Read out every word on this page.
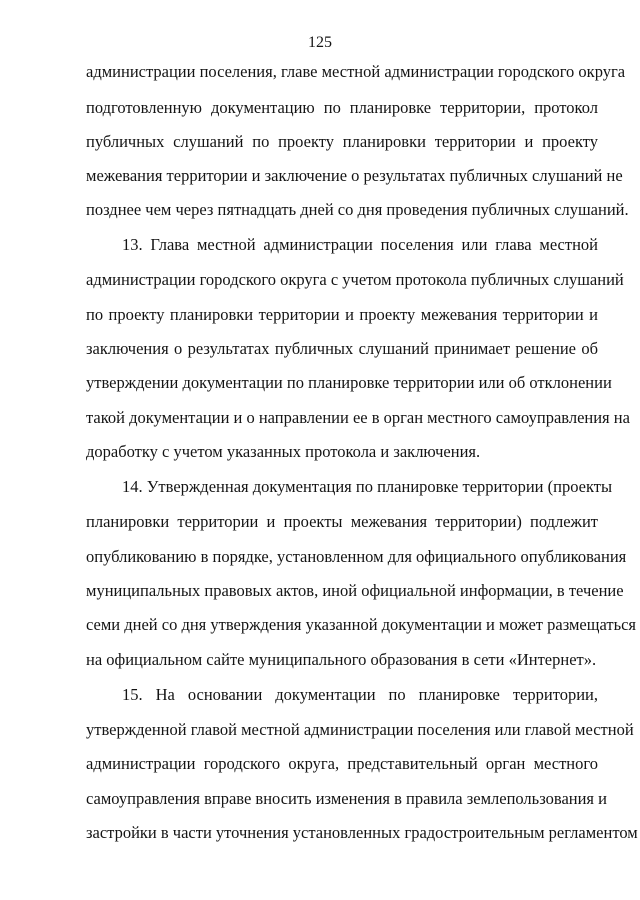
125
администрации поселения, главе местной администрации городского округа
подготовленную документацию по планировке территории, протокол
публичных слушаний по проекту планировки территории и проекту
межевания территории и заключение о результатах публичных слушаний не
позднее чем через пятнадцать дней со дня проведения публичных слушаний.
13. Глава местной администрации поселения или глава местной
администрации городского округа с учетом протокола публичных слушаний
по проекту планировки территории и проекту межевания территории и
заключения о результатах публичных слушаний принимает решение об
утверждении документации по планировке территории или об отклонении
такой документации и о направлении ее в орган местного самоуправления на
доработку с учетом указанных протокола и заключения.
14. Утвержденная документация по планировке территории (проекты
планировки территории и проекты межевания территории) подлежит
опубликованию в порядке, установленном для официального опубликования
муниципальных правовых актов, иной официальной информации, в течение
семи дней со дня утверждения указанной документации и может размещаться
на официальном сайте муниципального образования в сети «Интернет».
15. На основании документации по планировке территории,
утвержденной главой местной администрации поселения или главой местной
администрации городского округа, представительный орган местного
самоуправления вправе вносить изменения в правила землепользования и
застройки в части уточнения установленных градостроительным регламентом
